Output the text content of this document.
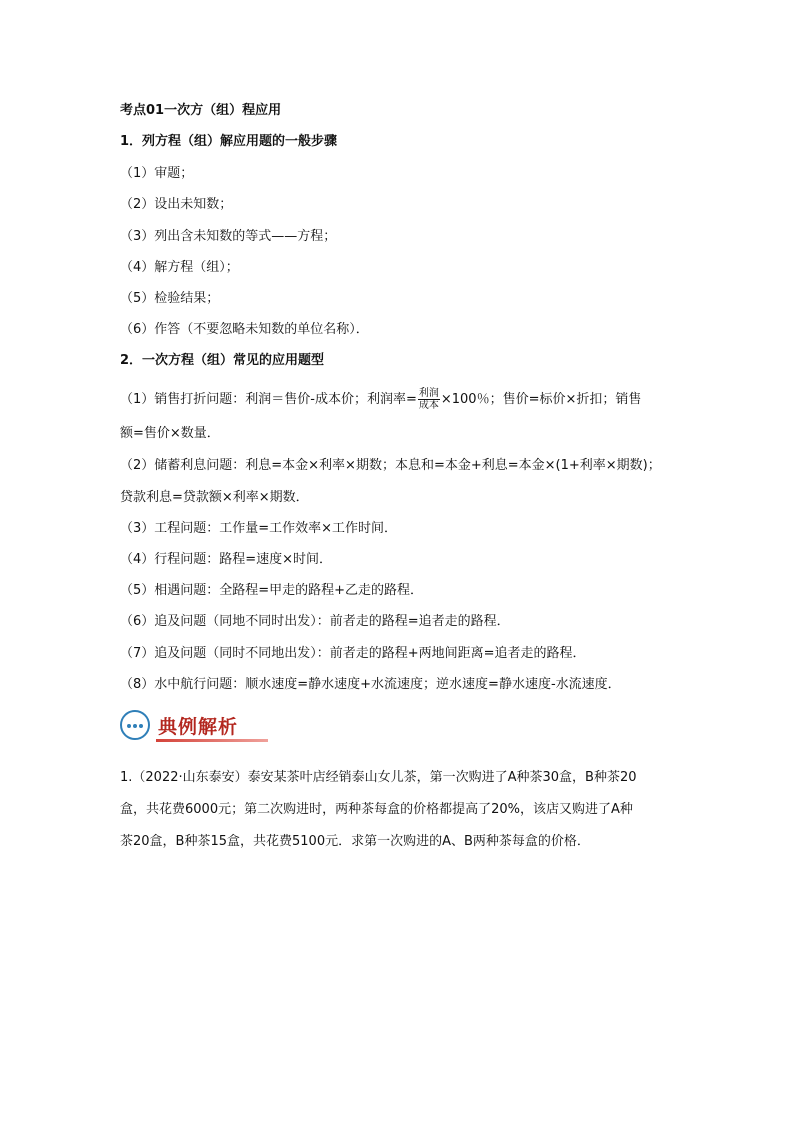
考点01一次方（组）程应用
1．列方程（组）解应用题的一般步骤
（1）审题；
（2）设出未知数；
（3）列出含未知数的等式——方程；
（4）解方程（组）；
（5）检验结果；
（6）作答（不要忽略未知数的单位名称）．
2．一次方程（组）常见的应用题型
（1）销售打折问题：利润＝售价-成本价；利润率= $\frac{\text{利润}}{\text{成本}} \times 100$％；售价=标价×折扣；销售
额=售价×数量．
（2）储蓄利息问题：利息=本金×利率×期数；本息和=本金+利息=本金×(1+利率×期数)；
贷款利息=贷款额×利率×期数．
（3）工程问题：工作量=工作效率×工作时间．
（4）行程问题：路程=速度×时间．
（5）相遇问题：全路程=甲走的路程+乙走的路程．
（6）追及问题（同地不同时出发）：前者走的路程=追者走的路程．
（7）追及问题（同时不同地出发）：前者走的路程+两地间距离=追者走的路程．
（8）水中航行问题：顺水速度=静水速度+水流速度；逆水速度=静水速度-水流速度．
典例解析
1.（2022·山东泰安）泰安某茶叶店经销泰山女儿茶，第一次购进了A种茶30盒，B种茶20
盒，共花费6000元；第二次购进时，两种茶每盒的价格都提高了20%，该店又购进了A种
茶20盒，B种茶15盒，共花费5100元．求第一次购进的A、B两种茶每盒的价格．
